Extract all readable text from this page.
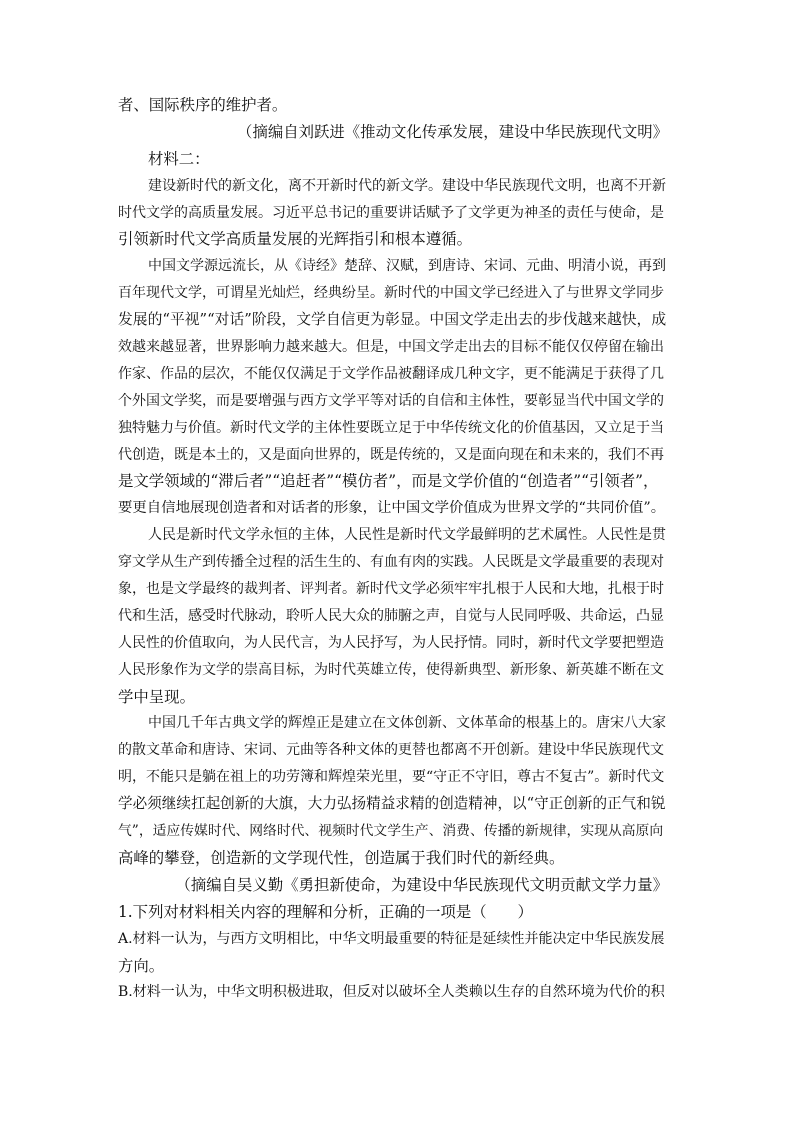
者、国际秩序的维护者。

（摘编自刘跃进《推动文化传承发展，建设中华民族现代文明》

材料二：

建设新时代的新文化，离不开新时代的新文学。建设中华民族现代文明，也离不开新

时代文学的高质量发展。习近平总书记的重要讲话赋予了文学更为神圣的责任与使命，是

引领新时代文学高质量发展的光辉指引和根本遵循。

中国文学源远流长，从《诗经》楚辞、汉赋，到唐诗、宋词、元曲、明清小说，再到

百年现代文学，可谓星光灿烂，经典纷呈。新时代的中国文学已经进入了与世界文学同步

发展的“平视”“对话”阶段，文学自信更为彰显。中国文学走出去的步伐越来越快，成

效越来越显著，世界影响力越来越大。但是，中国文学走出去的目标不能仅仅停留在输出

作家、作品的层次，不能仅仅满足于文学作品被翻译成几种文字，更不能满足于获得了几

个外国文学奖，而是要增强与西方文学平等对话的自信和主体性，要彰显当代中国文学的

独特魅力与价值。新时代文学的主体性要既立足于中华传统文化的价值基因，又立足于当

代创造，既是本土的，又是面向世界的，既是传统的，又是面向现在和未来的，我们不再

是文学领域的“滞后者”“追赶者”“模仿者”，而是文学价值的“创造者”“引领者”，

要更自信地展现创造者和对话者的形象，让中国文学价值成为世界文学的“共同价值”。

人民是新时代文学永恒的主体，人民性是新时代文学最鲜明的艺术属性。人民性是贯

穿文学从生产到传播全过程的活生生的、有血有肉的实践。人民既是文学最重要的表现对

象，也是文学最终的裁判者、评判者。新时代文学必须牢牢扎根于人民和大地，扎根于时

代和生活，感受时代脉动，聆听人民大众的肺腑之声，自觉与人民同呼吸、共命运，凸显

人民性的价值取向，为人民代言，为人民抒写，为人民抒情。同时，新时代文学要把塑造

人民形象作为文学的崇高目标，为时代英雄立传，使得新典型、新形象、新英雄不断在文

学中呈现。

中国几千年古典文学的辉煌正是建立在文体创新、文体革命的根基上的。唐宋八大家

的散文革命和唐诗、宋词、元曲等各种文体的更替也都离不开创新。建设中华民族现代文

明，不能只是躺在祖上的功劳簿和辉煌荣光里，要“守正不守旧，尊古不复古”。新时代文

学必须继续扛起创新的大旗，大力弘扬精益求精的创造精神，以“守正创新的正气和锐

气”，适应传媒时代、网络时代、视频时代文学生产、消费、传播的新规律，实现从高原向

高峰的攀登，创造新的文学现代性，创造属于我们时代的新经典。

（摘编自吴义勤《勇担新使命，为建设中华民族现代文明贡献文学力量》

1.下列对材料相关内容的理解和分析，正确的一项是（　　）

A.材料一认为，与西方文明相比，中华文明最重要的特征是延续性并能决定中华民族发展

方向。

B.材料一认为，中华文明积极进取，但反对以破坏全人类赖以生存的自然环境为代价的积
